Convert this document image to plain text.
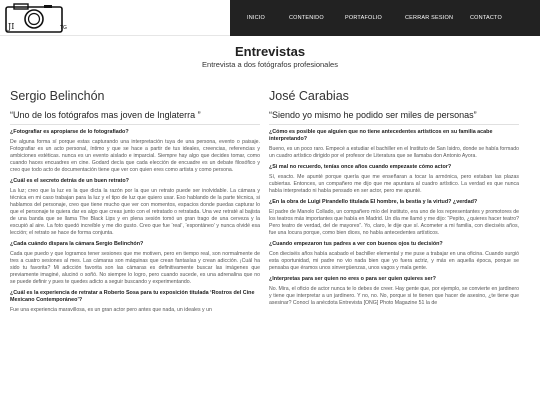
JI	TG
INICIO	CONTENIDO	PORTAFOLIO	CERRAR SESION	CONTACTO
Entrevistas
Entrevista a dos fotógrafos profesionales
Sergio Belinchón
“Uno de los fotógrafos mas joven de Inglaterra ”
¿Fotografiar es apropiarse de lo fotografiado?
De alguna forma sí porque estas capturando una interpretación tuya de una persona, evento o paisaje. Fotografiar es un acto personal, íntimo y que se hace a partir de tus ideales, creencias, referencias y ambiciones estéticas. nunca es un evento aislado e imparcial. Siempre hay algo que decides tomar, como cuando haces encuadres en cine. Godard decía que cada elección de encuadre es un debate filosófico y creo que todo acto de documentación tiene que ver con quien eres como artista y como persona.
¿Cuál es el secreto detrás de un buen retrato?
La luz; creo que la luz es la que dicta la razón por la que un retrato puede ser inolvidable. La cámara y técnica en mi caso trabajan para la luz y el tipo de luz que quiero usar. Eso hablando de la parte técnica, si hablamos del personaje, creo que tiene mucho que ver con momentos, espacios donde puedas capturar lo que el personaje te quiera dar es algo que creas junto con el retratado o retratada. Una vez retraté al bajista de una banda que se llama The Black Lips y en plena sesión tomó un gran trago de una cerveza y la escupió al aire. La foto quedó increíble y me dio gusto. Creo que fue ‘real’, ‘espontáneo’ y nunca olvidé esa lección; el retrato se hace de forma conjunta.
¿Cada cuándo dispara la cámara Sergio Belinchón?
Cada que puedo y que logramos tener sesiones que me motiven, pero en tiempo real, son normalmente de tres a cuatro sesiones al mes. Las cámaras son máquinas que crean fantasías y crean adicción. ¡Cuál ha sido tu favorita? Mi adicción favorita son las cámaras es definitivamente buscar las imágenes que previamente imaginé, alucinó o soñó. No siempre lo logro, pero cuando sucede, es una adrenalina que no se puede definir y pues te quedes adicto a seguir buscando y experimentando.
¿Cuál es la experiencia de retratar a Roberto Sosa para tu exposición titulada ‘Rostros del Cine Mexicano Contemporáneo’?
Fue una experiencia maravillosa, es un gran actor pero antes que nada, un ideales y un
José Carabias
“Siendo yo mismo he podido ser miles de personas”
¿Cómo es posible que alguien que no tiene antecedentes artísticos en su familia acabe interpretando?
Bueno, es un poco raro. Empecé a estudiar el bachiller en el Instituto de San Isidro, donde se había formado un cuadro artístico dirigido por el profesor de Literatura que se llamaba don Antonio Ayora.
¿Si mal no recuerdo, tenías once años cuando empezaste cómo actor?
Sí, exacto. Me apunté porque quería que me enseñaran a tocar la armónica, pero estaban las plazas cubiertas. Entonces, un compañero me dijo que me apuntara al cuadro artístico. La verdad es que nunca había interpretado ni había pensado en ser actor, pero me apunté.
¿En la obra de Luigi Pirandello titulada El hombre, la bestia y la virtud? ¿verdad?
El padre de Manolo Collado, un compañero mío del instituto, era uno de los representantes y promotores de los teatros más importantes que había en Madrid. Un día me llamó y me dijo: “Pepito, ¿quieres hacer teatro? Pero teatro de verdad, del de mayores”. Yo, claro, le dije que sí. Acometer a mi familia, con dieciséis años, fue una locura porque, como bien dices, no había antecedentes artísticos.
¿Cuando empezaron tus padres a ver con buenos ojos tu decisión?
Con dieciséis años había acabado el bachiller elemental y me puse a trabajar en una oficina. Cuando surgió esta oportunidad, mi padre no vio nada bien que yo fuera actriz, y más en aquella época, porque se pensaba que éramos unos sinvergüenzas, unos vagos y mala gente.
¿Interpretas para ser quien no eres o para ser quien quieres ser?
No. Mira, el oficio de actor nunca te lo debes de creer. Hay gente que, por ejemplo, se convierte en jardinero y tiene que interpretar a un jardinero. Y no, no. No, porque si te tienen que hacer de asesino, ¿te tiene que asesinar? Conocí la anécdota Entrevista [ONG] Photo Magazine 51 la de
